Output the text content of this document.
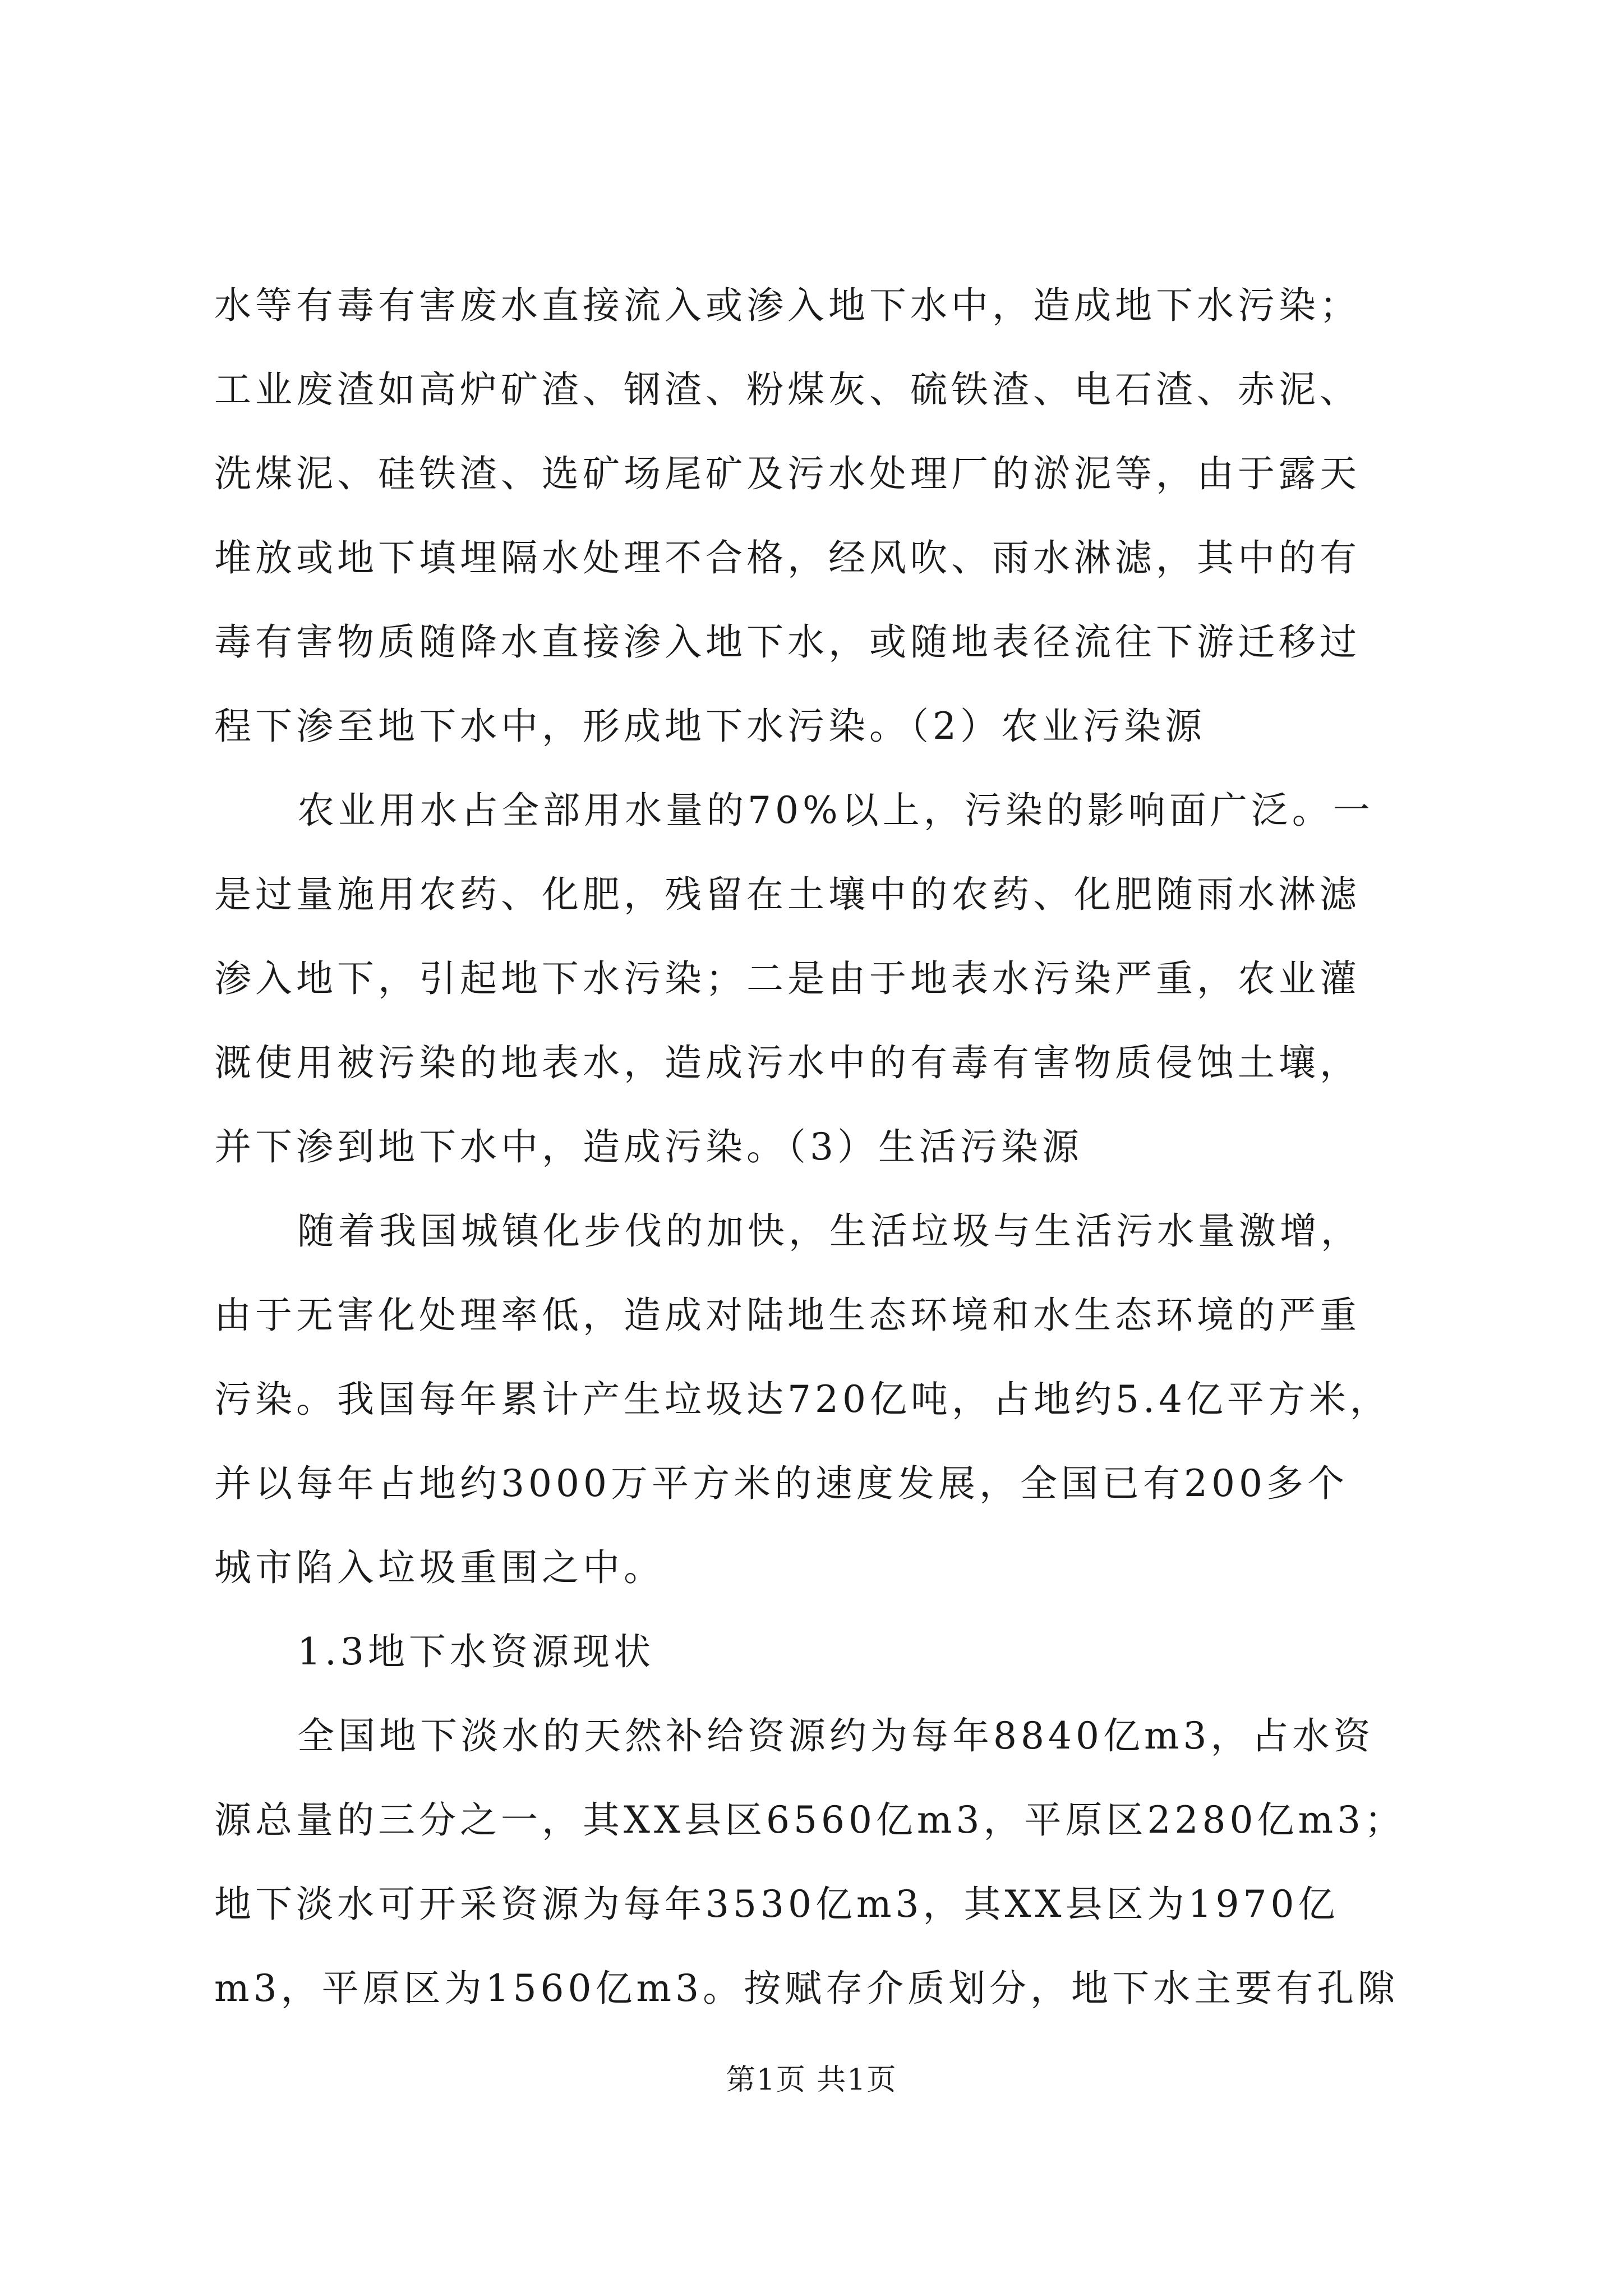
水等有毒有害废水直接流入或渗入地下水中，造成地下水污染；
工业废渣如高炉矿渣、钢渣、粉煤灰、硫铁渣、电石渣、赤泥、
洗煤泥、硅铁渣、选矿场尾矿及污水处理厂的淤泥等，由于露天
堆放或地下填埋隔水处理不合格，经风吹、雨水淋滤，其中的有
毒有害物质随降水直接渗入地下水，或随地表径流往下游迁移过
程下渗至地下水中，形成地下水污染。（2）农业污染源

农业用水占全部用水量的70%以上，污染的影响面广泛。一
是过量施用农药、化肥，残留在土壤中的农药、化肥随雨水淋滤
渗入地下，引起地下水污染；二是由于地表水污染严重，农业灌
溉使用被污染的地表水，造成污水中的有毒有害物质侵蚀土壤，
并下渗到地下水中，造成污染。（3）生活污染源

随着我国城镇化步伐的加快，生活垃圾与生活污水量激增，
由于无害化处理率低，造成对陆地生态环境和水生态环境的严重
污染。我国每年累计产生垃圾达720亿吨，占地约5.4亿平方米，
并以每年占地约3000万平方米的速度发展，全国已有200多个
城市陷入垃圾重围之中。

1.3地下水资源现状

全国地下淡水的天然补给资源约为每年8840亿m3，占水资
源总量的三分之一，其XX县区6560亿m3，平原区2280亿m3；
地下淡水可开采资源为每年3530亿m3，其XX县区为1970亿
m3，平原区为1560亿m3。按赋存介质划分，地下水主要有孔隙

第1页 共1页
